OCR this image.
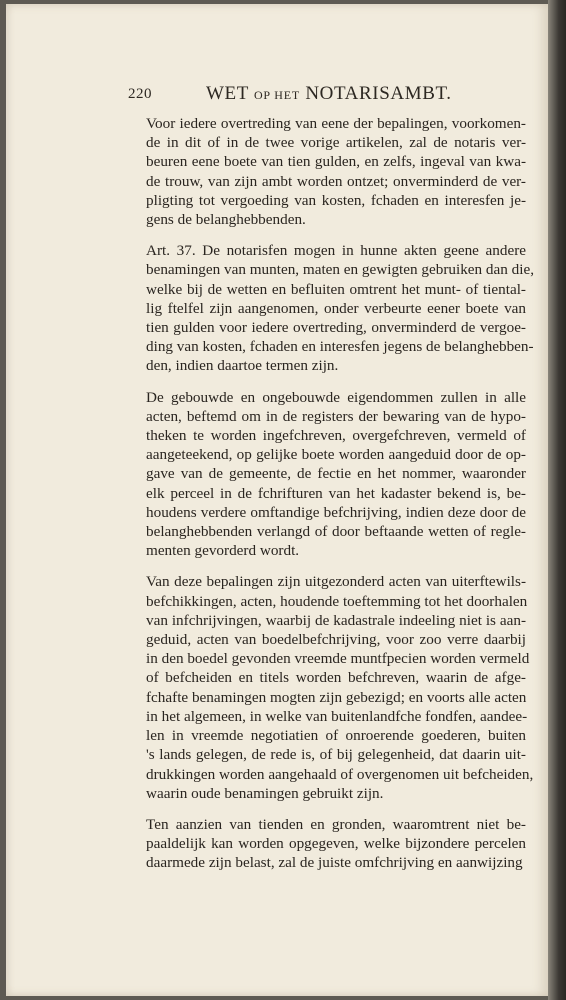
220	WET OP HET NOTARISAMBT.

Voor iedere overtreding van eene der bepalingen, voorkomen-
de in dit of in de twee vorige artikelen, zal de notaris ver-
beuren eene boete van tien gulden, en zelfs, ingeval van kwa-
de trouw, van zijn ambt worden ontzet; onverminderd de ver-
pligting tot vergoeding van kosten, fchaden en interesfen je-
gens de belanghebbenden.

Art. 37. De notarisfen mogen in hunne akten geene andere
benamingen van munten, maten en gewigten gebruiken dan die,
welke bij de wetten en befluiten omtrent het munt- of tiental-
lig ftelfel zijn aangenomen, onder verbeurte eener boete van
tien gulden voor iedere overtreding, onverminderd de vergoe-
ding van kosten, fchaden en interesfen jegens de belanghebben-
den, indien daartoe termen zijn.

De gebouwde en ongebouwde eigendommen zullen in alle
acten, beftemd om in de registers der bewaring van de hypo-
theken te worden ingefchreven, overgefchreven, vermeld of
aangeteekend, op gelijke boete worden aangeduid door de op-
gave van de gemeente, de fectie en het nommer, waaronder
elk perceel in de fchrifturen van het kadaster bekend is, be-
houdens verdere omftandige befchrijving, indien deze door de
belanghebbenden verlangd of door beftaande wetten of regle-
menten gevorderd wordt.

Van deze bepalingen zijn uitgezonderd acten van uiterftewils-
befchikkingen, acten, houdende toeftemming tot het doorhalen
van infchrijvingen, waarbij de kadastrale indeeling niet is aan-
geduid, acten van boedelbefchrijving, voor zoo verre daarbij
in den boedel gevonden vreemde muntfpecien worden vermeld
of befcheiden en titels worden befchreven, waarin de afge-
fchafte benamingen mogten zijn gebezigd; en voorts alle acten
in het algemeen, in welke van buitenlandfche fondfen, aandee-
len in vreemde negotiatien of onroerende goederen, buiten
's lands gelegen, de rede is, of bij gelegenheid, dat daarin uit-
drukkingen worden aangehaald of overgenomen uit befcheiden,
waarin oude benamingen gebruikt zijn.

Ten aanzien van tienden en gronden, waaromtrent niet be-
paaldelijk kan worden opgegeven, welke bijzondere percelen
daarmede zijn belast, zal de juiste omfchrijving en aanwijzing
